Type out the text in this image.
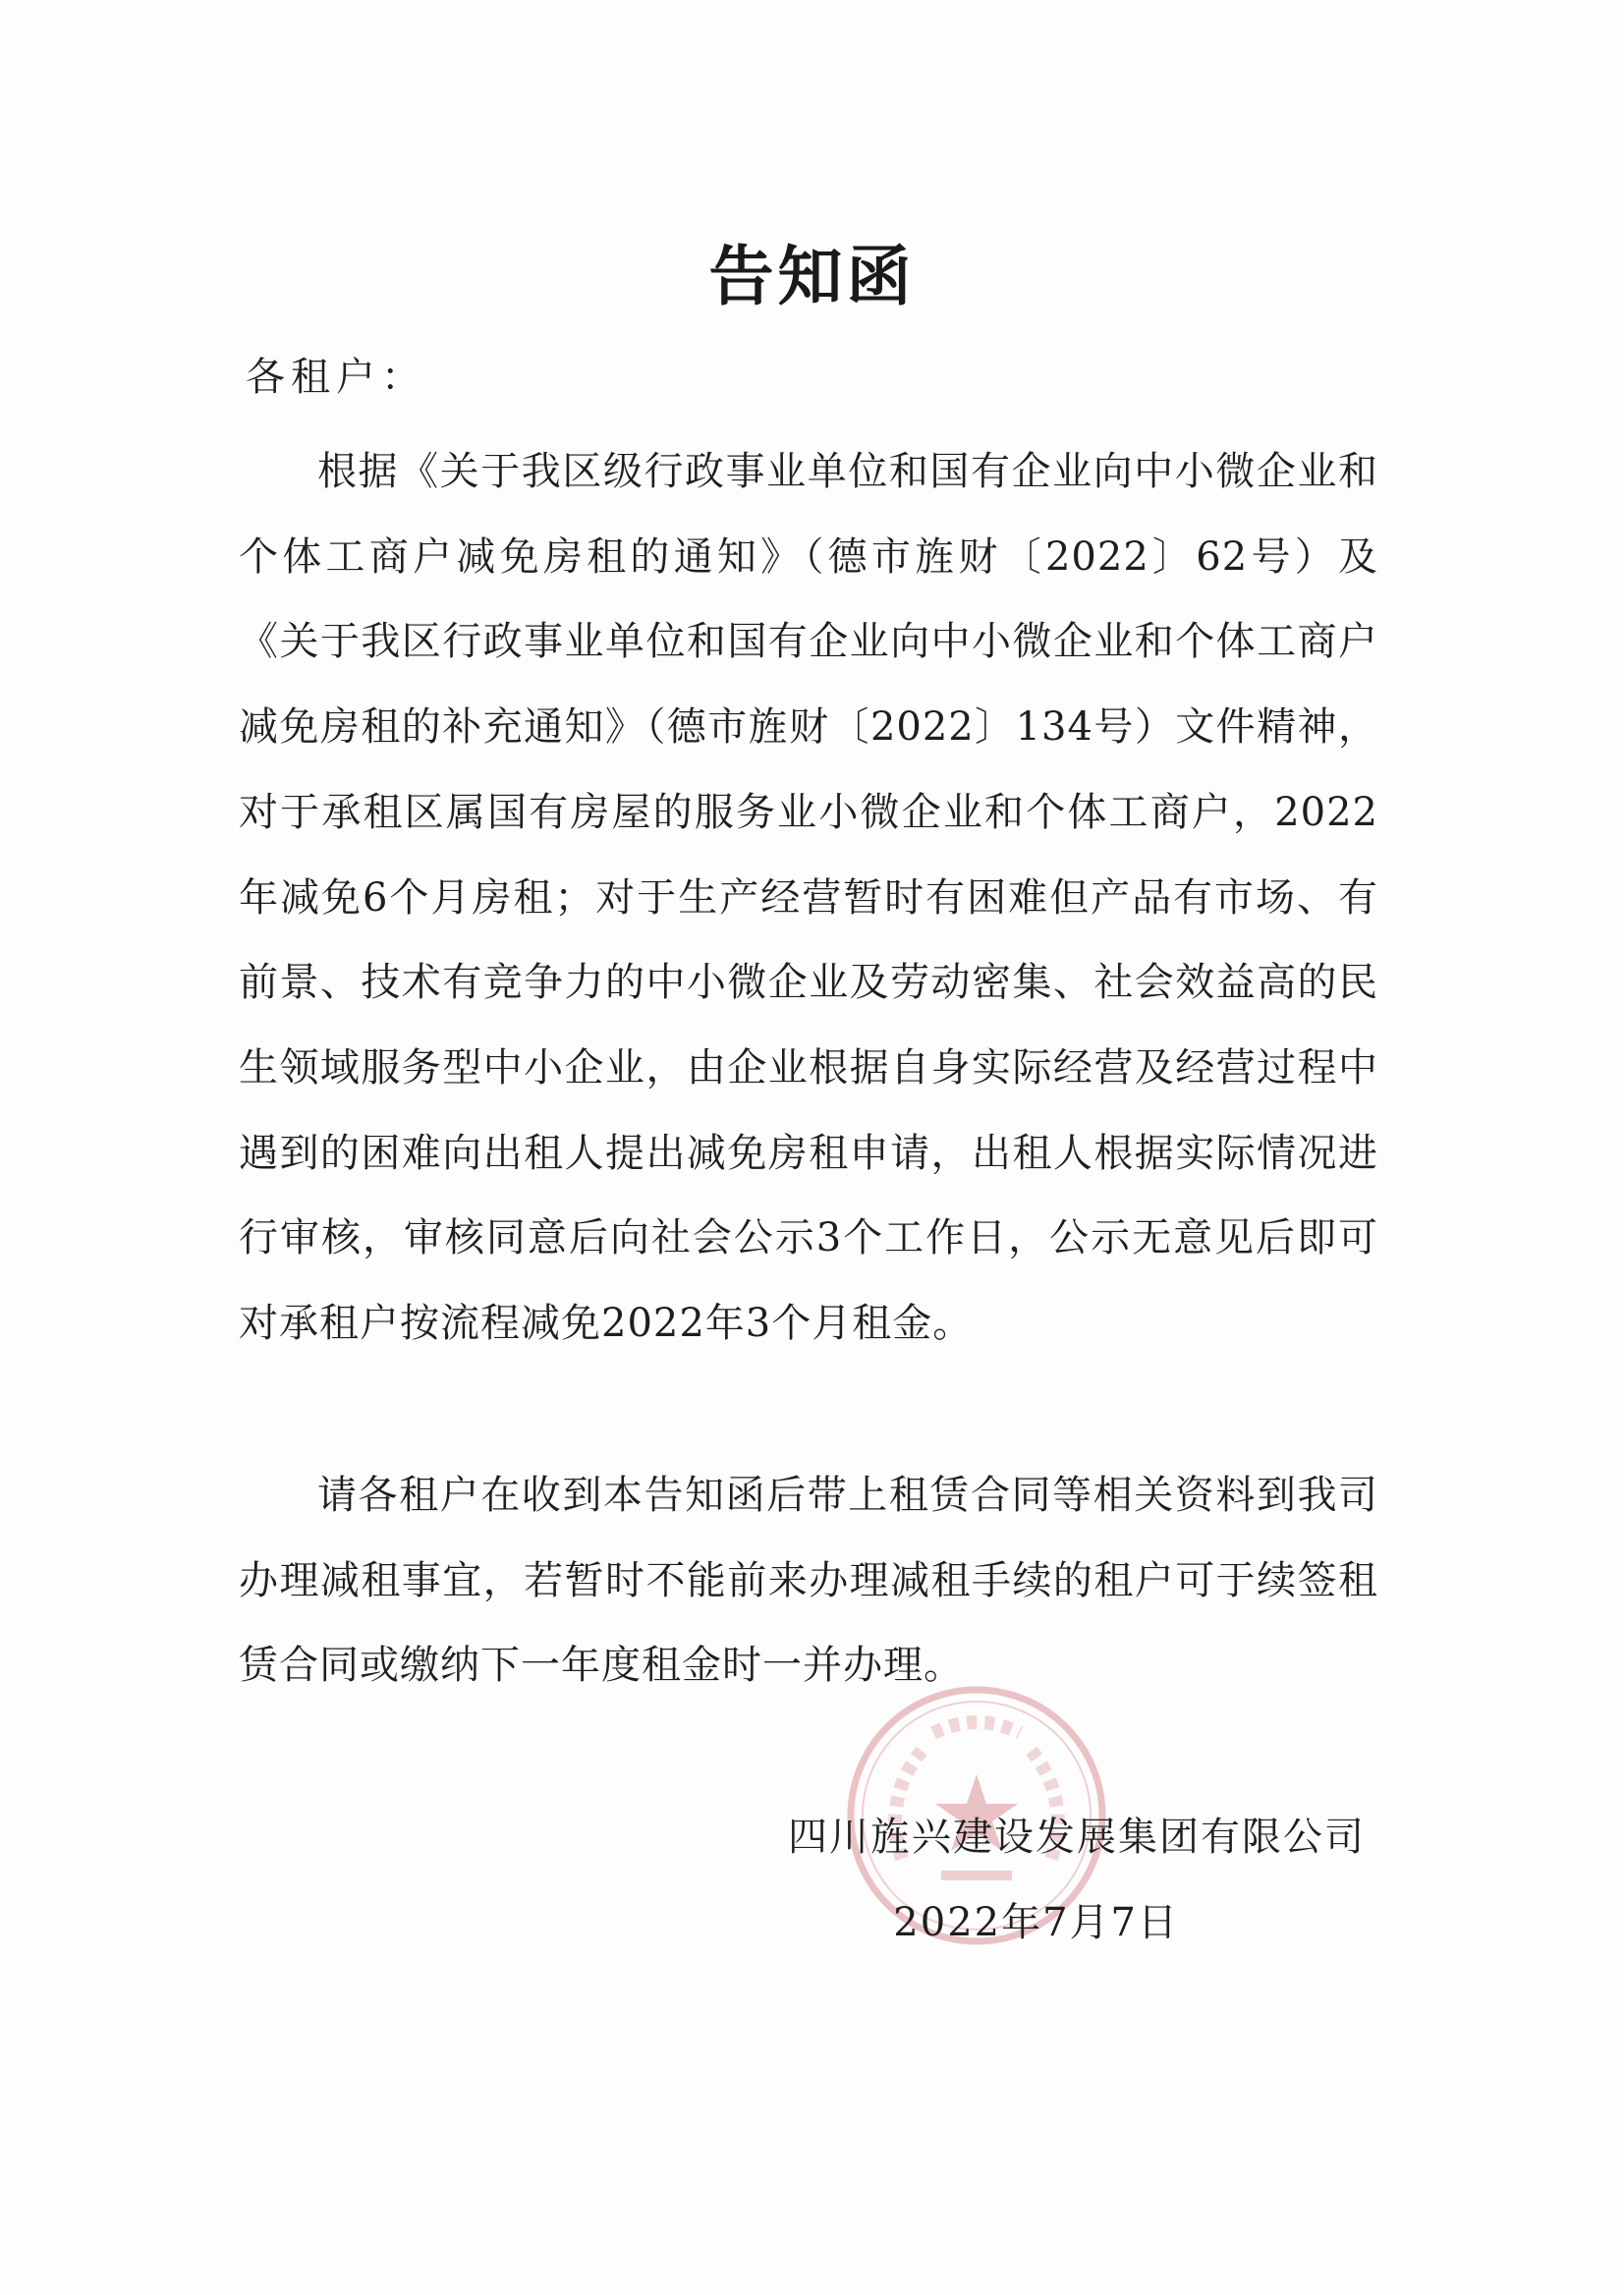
告知函
各租户：

根据《关于我区级行政事业单位和国有企业向中小微企业和个体工商户减免房租的通知》（德市旌财〔2022〕62号）及《关于我区行政事业单位和国有企业向中小微企业和个体工商户减免房租的补充通知》（德市旌财〔2022〕134号）文件精神，对于承租区属国有房屋的服务业小微企业和个体工商户，2022年减免6个月房租；对于生产经营暂时有困难但产品有市场、有前景、技术有竞争力的中小微企业及劳动密集、社会效益高的民生领域服务型中小企业，由企业根据自身实际经营及经营过程中遇到的困难向出租人提出减免房租申请，出租人根据实际情况进行审核，审核同意后向社会公示3个工作日，公示无意见后即可对承租户按流程减免2022年3个月租金。

请各租户在收到本告知函后带上租赁合同等相关资料到我司办理减租事宜，若暂时不能前来办理减租手续的租户可于续签租赁合同或缴纳下一年度租金时一并办理。

四川旌兴建设发展集团有限公司
2022年7月7日
